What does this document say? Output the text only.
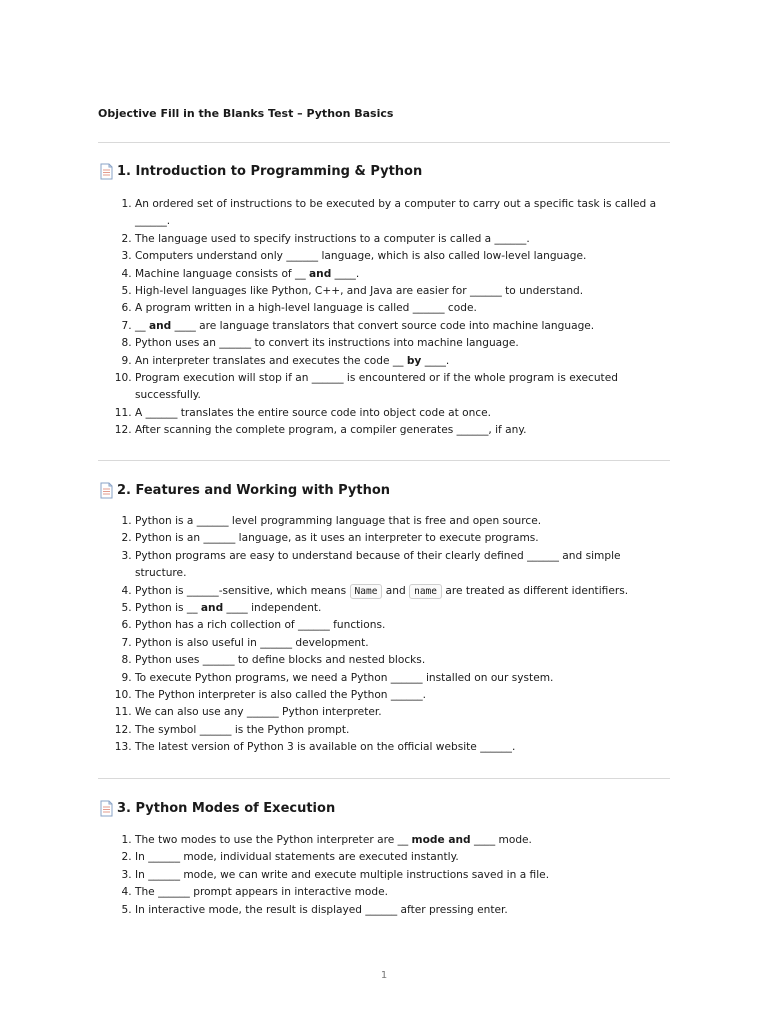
Objective Fill in the Blanks Test – Python Basics

1. Introduction to Programming & Python
1. An ordered set of instructions to be executed by a computer to carry out a specific task is called a ______.
2. The language used to specify instructions to a computer is called a ______.
3. Computers understand only ______ language, which is also called low-level language.
4. Machine language consists of __ and ____.
5. High-level languages like Python, C++, and Java are easier for ______ to understand.
6. A program written in a high-level language is called ______ code.
7. __ and ____ are language translators that convert source code into machine language.
8. Python uses an ______ to convert its instructions into machine language.
9. An interpreter translates and executes the code __ by ____.
10. Program execution will stop if an ______ is encountered or if the whole program is executed successfully.
11. A ______ translates the entire source code into object code at once.
12. After scanning the complete program, a compiler generates ______, if any.
2. Features and Working with Python
1. Python is a ______ level programming language that is free and open source.
2. Python is an ______ language, as it uses an interpreter to execute programs.
3. Python programs are easy to understand because of their clearly defined ______ and simple structure.
4. Python is ______-sensitive, which means Name and name are treated as different identifiers.
5. Python is __ and ____ independent.
6. Python has a rich collection of ______ functions.
7. Python is also useful in ______ development.
8. Python uses ______ to define blocks and nested blocks.
9. To execute Python programs, we need a Python ______ installed on our system.
10. The Python interpreter is also called the Python ______.
11. We can also use any ______ Python interpreter.
12. The symbol ______ is the Python prompt.
13. The latest version of Python 3 is available on the official website ______.
3. Python Modes of Execution
1. The two modes to use the Python interpreter are __ mode and ____ mode.
2. In ______ mode, individual statements are executed instantly.
3. In ______ mode, we can write and execute multiple instructions saved in a file.
4. The ______ prompt appears in interactive mode.
5. In interactive mode, the result is displayed ______ after pressing enter.
1
